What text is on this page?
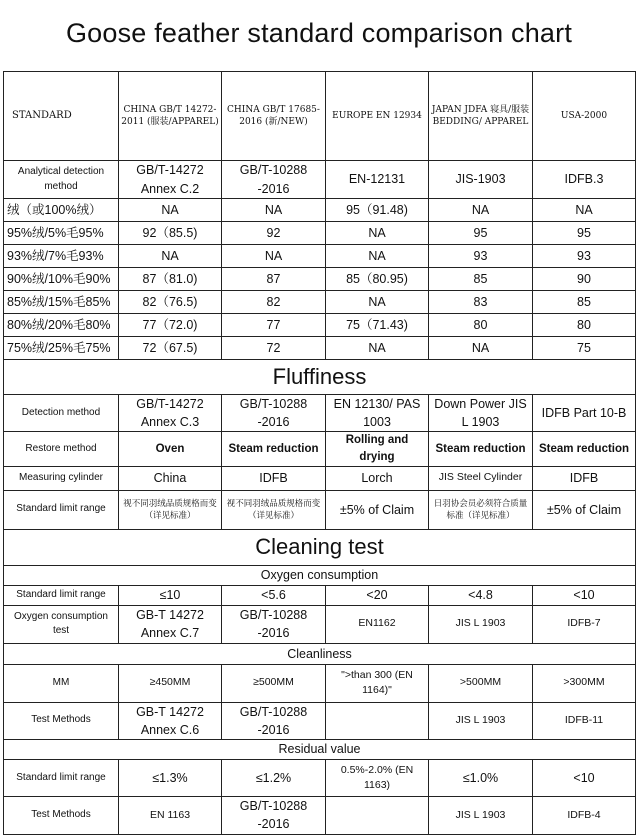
Goose feather standard comparison chart
STANDARD	CHINA GB/T 14272-2011 (服装/APPAREL)	CHINA GB/T 17685-2016 (新/NEW)	EUROPE EN 12934	JAPAN JDFA 寝具/服装 BEDDING/ APPAREL	USA-2000
Analytical detection method	GB/T-14272 Annex C.2	GB/T-10288 -2016	EN-12131	JIS-1903	IDFB.3
绒（或100%绒）	NA	NA	95（91.48)	NA	NA
95%绒/5%毛95%	92（85.5)	92	NA	95	95
93%绒/7%毛93%	NA	NA	NA	93	93
90%绒/10%毛90%	87（81.0)	87	85（80.95)	85	90
85%绒/15%毛85%	82（76.5)	82	NA	83	85
80%绒/20%毛80%	77（72.0)	77	75（71.43)	80	80
75%绒/25%毛75%	72（67.5)	72	NA	NA	75
Fluffiness					
Detection method	GB/T-14272 Annex C.3	GB/T-10288 -2016	EN 12130/ PAS 1003	Down Power JIS L 1903	IDFB Part 10-B
Restore method	Oven	Steam reduction	Rolling and drying	Steam reduction	Steam reduction
Measuring cylinder	China	IDFB	Lorch	JIS Steel Cylinder	IDFB
Standard limit range	视不同羽绒品质规格而变（详见标准）	视不同羽绒品质规格而变（详见标准）	±5% of Claim	日羽协会员必须符合质量标准（详见标准）	±5% of Claim
Cleaning test					
Oxygen consumption					
Standard limit range	≤10	<5.6	<20	<4.8	<10
Oxygen consumption test	GB-T 14272 Annex C.7	GB/T-10288 -2016	EN1162	JIS L 1903	IDFB-7
Cleanliness					
MM	≥450MM	≥500MM	">than 300 (EN 1164)"	>500MM	>300MM
Test Methods	GB-T 14272 Annex C.6	GB/T-10288 -2016		JIS L 1903	IDFB-11
Residual value					
Standard limit range	≤1.3%	≤1.2%	0.5%-2.0% (EN 1163)	≤1.0%	<10
Test Methods	EN 1163	GB/T-10288 -2016		JIS L 1903	IDFB-4
